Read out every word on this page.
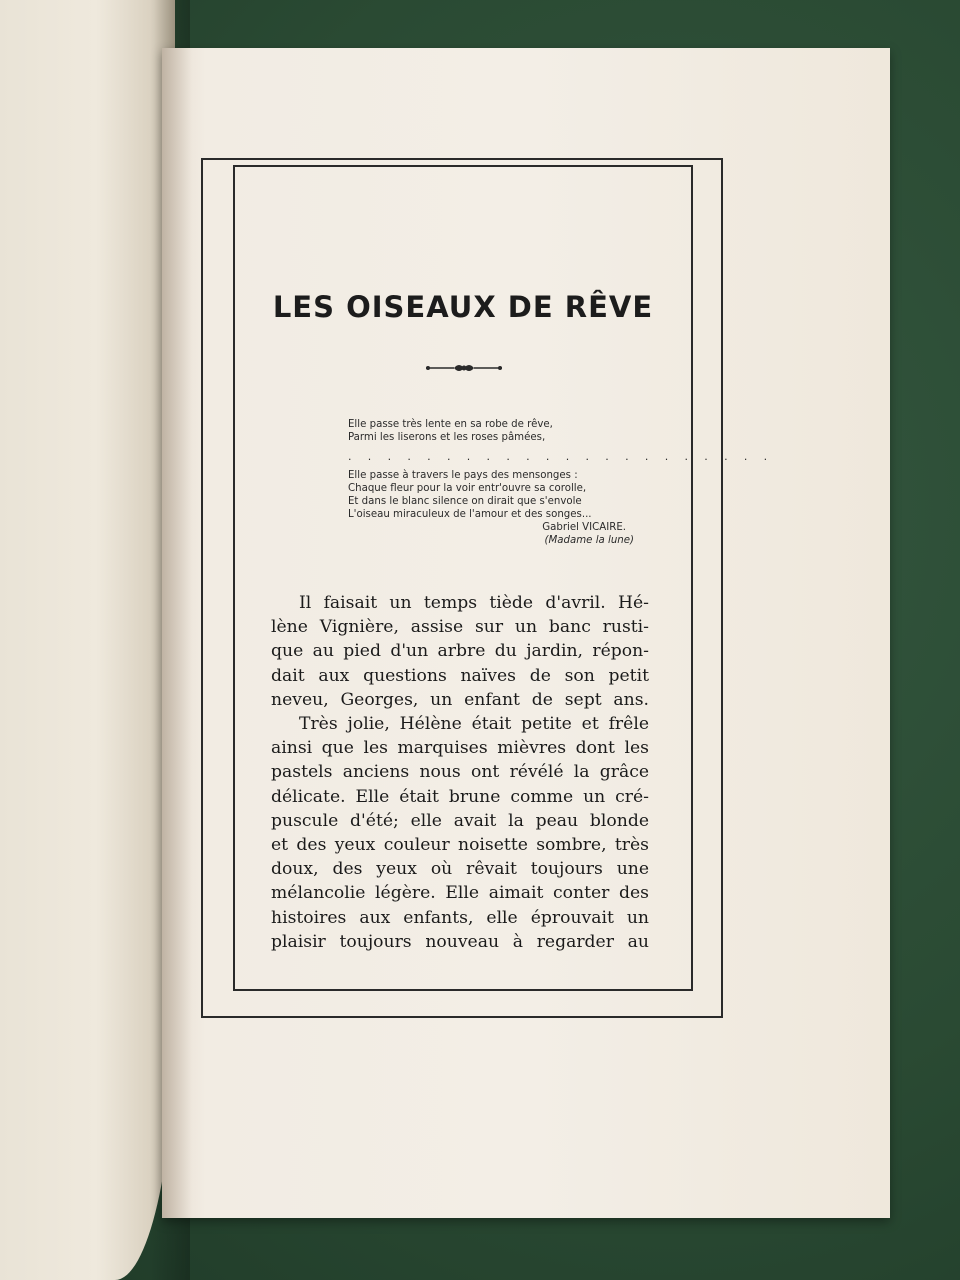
LES OISEAUX DE RÊVE
Elle passe très lente en sa robe de rêve,
Parmi les liserons et les roses pâmées,
. . . . . . . . . . . . . . . . . . . . . .
Elle passe à travers le pays des mensonges :
Chaque fleur pour la voir entr'ouvre sa corolle,
Et dans le blanc silence on dirait que s'envole
L'oiseau miraculeux de l'amour et des songes...
Gabriel VICAIRE.
(Madame la lune)
Il faisait un temps tiède d'avril. Hé-
lène Vignière, assise sur un banc rusti-
que au pied d'un arbre du jardin, répon-
dait aux questions naïves de son petit
neveu, Georges, un enfant de sept ans.
Très jolie, Hélène était petite et frêle
ainsi que les marquises mièvres dont les
pastels anciens nous ont révélé la grâce
délicate. Elle était brune comme un cré-
puscule d'été; elle avait la peau blonde
et des yeux couleur noisette sombre, très
doux, des yeux où rêvait toujours une
mélancolie légère. Elle aimait conter des
histoires aux enfants, elle éprouvait un
plaisir toujours nouveau à regarder au
